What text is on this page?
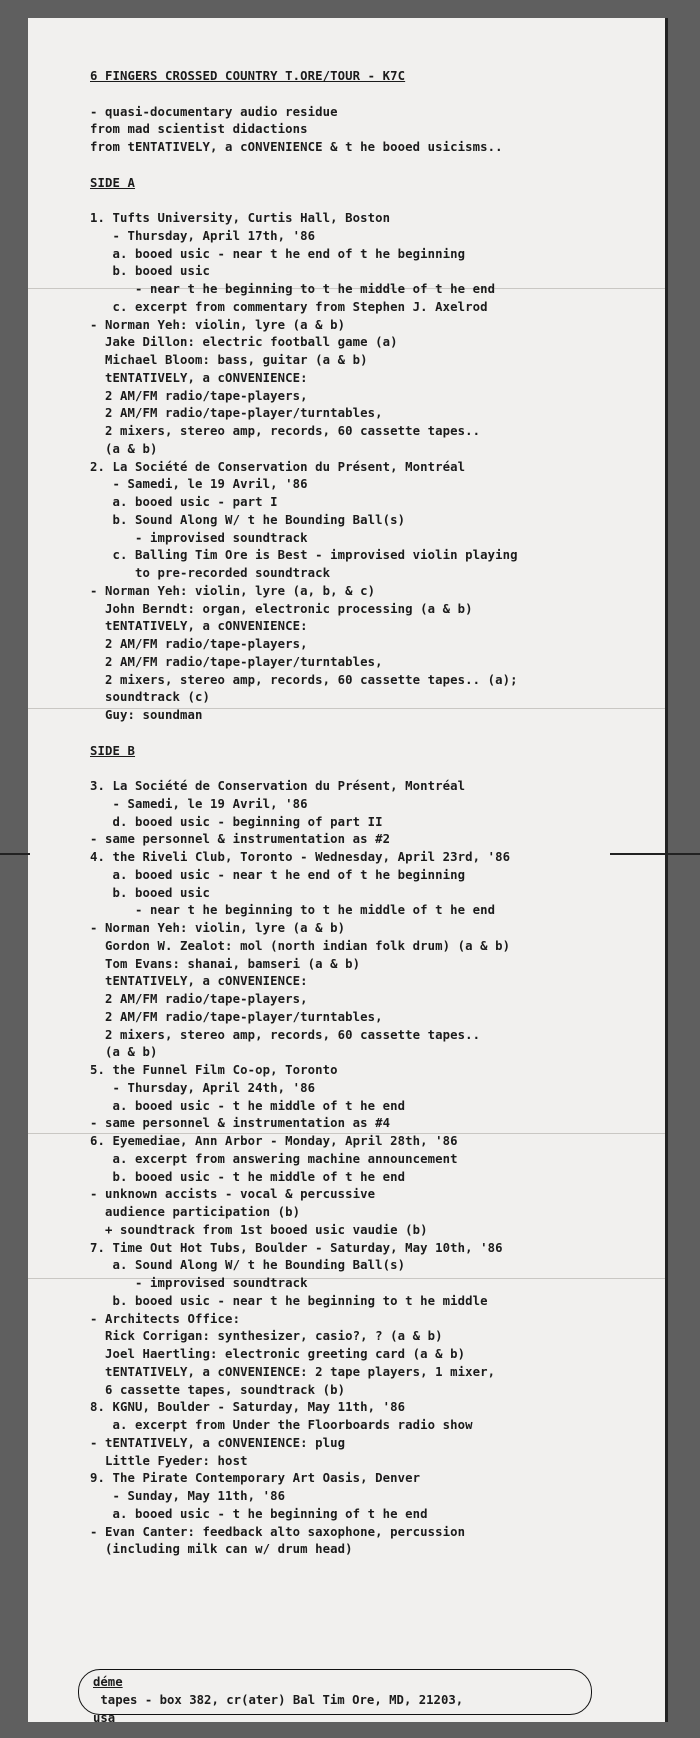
6 FINGERS CROSSED COUNTRY T.ORE/TOUR - K7C
- quasi-documentary audio residue
from mad scientist didactions
from tENTATIVELY, a cONVENIENCE & t he booed usicisms..
SIDE A
1. Tufts University, Curtis Hall, Boston
- Thursday, April 17th, '86
a. booed usic - near t he end of t he beginning
b. booed usic
- near t he beginning to t he middle of t he end
c. excerpt from commentary from Stephen J. Axelrod
- Norman Yeh: violin, lyre (a & b)
Jake Dillon: electric football game (a)
Michael Bloom: bass, guitar (a & b)
tENTATIVELY, a cONVENIENCE:
2 AM/FM radio/tape-players,
2 AM/FM radio/tape-player/turntables,
2 mixers, stereo amp, records, 60 cassette tapes..
(a & b)
2. La Société de Conservation du Présent, Montréal
- Samedi, le 19 Avril, '86
a. booed usic - part I
b. Sound Along W/ t he Bounding Ball(s)
- improvised soundtrack
c. Balling Tim Ore is Best - improvised violin playing
to pre-recorded soundtrack
- Norman Yeh: violin, lyre (a, b, & c)
John Berndt: organ, electronic processing (a & b)
tENTATIVELY, a cONVENIENCE:
2 AM/FM radio/tape-players,
2 AM/FM radio/tape-player/turntables,
2 mixers, stereo amp, records, 60 cassette tapes.. (a);
soundtrack (c)
Guy: soundman
SIDE B
3. La Société de Conservation du Présent, Montréal
- Samedi, le 19 Avril, '86
d. booed usic - beginning of part II
- same personnel & instrumentation as #2
4. the Riveli Club, Toronto - Wednesday, April 23rd, '86
a. booed usic - near t he end of t he beginning
b. booed usic
- near t he beginning to t he middle of t he end
- Norman Yeh: violin, lyre (a & b)
Gordon W. Zealot: mol (north indian folk drum) (a & b)
Tom Evans: shanai, bamseri (a & b)
tENTATIVELY, a cONVENIENCE:
2 AM/FM radio/tape-players,
2 AM/FM radio/tape-player/turntables,
2 mixers, stereo amp, records, 60 cassette tapes..
(a & b)
5. the Funnel Film Co-op, Toronto
- Thursday, April 24th, '86
a. booed usic - t he middle of t he end
- same personnel & instrumentation as #4
6. Eyemediae, Ann Arbor - Monday, April 28th, '86
a. excerpt from answering machine announcement
b. booed usic - t he middle of t he end
- unknown accists - vocal & percussive
audience participation (b)
+ soundtrack from 1st booed usic vaudie (b)
7. Time Out Hot Tubs, Boulder - Saturday, May 10th, '86
a. Sound Along W/ t he Bounding Ball(s)
- improvised soundtrack
b. booed usic - near t he beginning to t he middle
- Architects Office:
Rick Corrigan: synthesizer, casio?, ? (a & b)
Joel Haertling: electronic greeting card (a & b)
tENTATIVELY, a cONVENIENCE: 2 tape players, 1 mixer,
6 cassette tapes, soundtrack (b)
8. KGNU, Boulder - Saturday, May 11th, '86
a. excerpt from Under the Floorboards radio show
- tENTATIVELY, a cONVENIENCE: plug
Little Fyeder: host
9. The Pirate Contemporary Art Oasis, Denver
- Sunday, May 11th, '86
a. booed usic - t he beginning of t he end
- Evan Canter: feedback alto saxophone, percussion
(including milk can w/ drum head)
déme
tapes - box 382, cr(ater) Bal Tim Ore, MD, 21203,
usa
